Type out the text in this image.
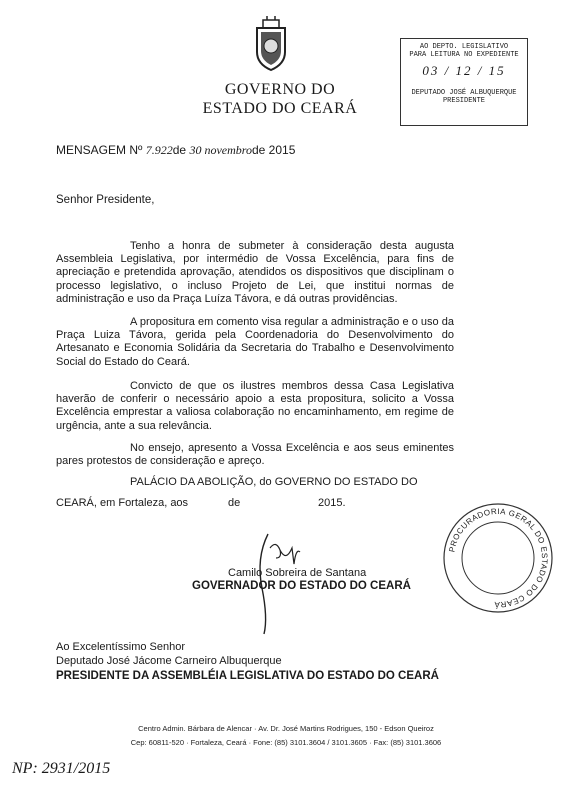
GOVERNO DO
ESTADO DO CEARÁ
AO DEPTO. LEGISLATIVO
PARA LEITURA NO EXPEDIENTE
03 / 12 / 15
DEPUTADO JOSÉ ALBUQUERQUE
PRESIDENTE
MENSAGEM Nº 7.922de 30 novembrode 2015
Senhor Presidente,
Tenho a honra de submeter à consideração desta augusta Assembleia Legislativa, por intermédio de Vossa Excelência, para fins de apreciação e pretendida aprovação, atendidos os dispositivos que disciplinam o processo legislativo, o incluso Projeto de Lei, que institui normas de administração e uso da Praça Luíza Távora, e dá outras providências.
A propositura em comento visa regular a administração e o uso da Praça Luiza Távora, gerida pela Coordenadoria do Desenvolvimento do Artesanato e Economia Solidária da Secretaria do Trabalho e Desenvolvimento Social do Estado do Ceará.
Convicto de que os ilustres membros dessa Casa Legislativa haverão de conferir o necessário apoio a esta propositura, solicito a Vossa Excelência emprestar a valiosa colaboração no encaminhamento, em regime de urgência, ante a sua relevância.
No ensejo, apresento a Vossa Excelência e aos seus eminentes pares protestos de consideração e apreço.
PALÁCIO DA ABOLIÇÃO, do GOVERNO DO ESTADO DO
CEARÁ, em Fortaleza, aos	de	2015.
Camilo Sobreira de Santana
GOVERNADOR DO ESTADO DO CEARÁ
PROCURADORIA GERAL DO ESTADO DO CEARÁ
Ao Excelentíssimo Senhor
Deputado José Jácome Carneiro Albuquerque
PRESIDENTE DA ASSEMBLÉIA LEGISLATIVA DO ESTADO DO CEARÁ
Centro Admin. Bárbara de Alencar · Av. Dr. José Martins Rodrigues, 150 - Edson Queiroz
Cep: 60811-520 · Fortaleza, Ceará · Fone: (85) 3101.3604 / 3101.3605 · Fax: (85) 3101.3606
NP: 2931/2015
